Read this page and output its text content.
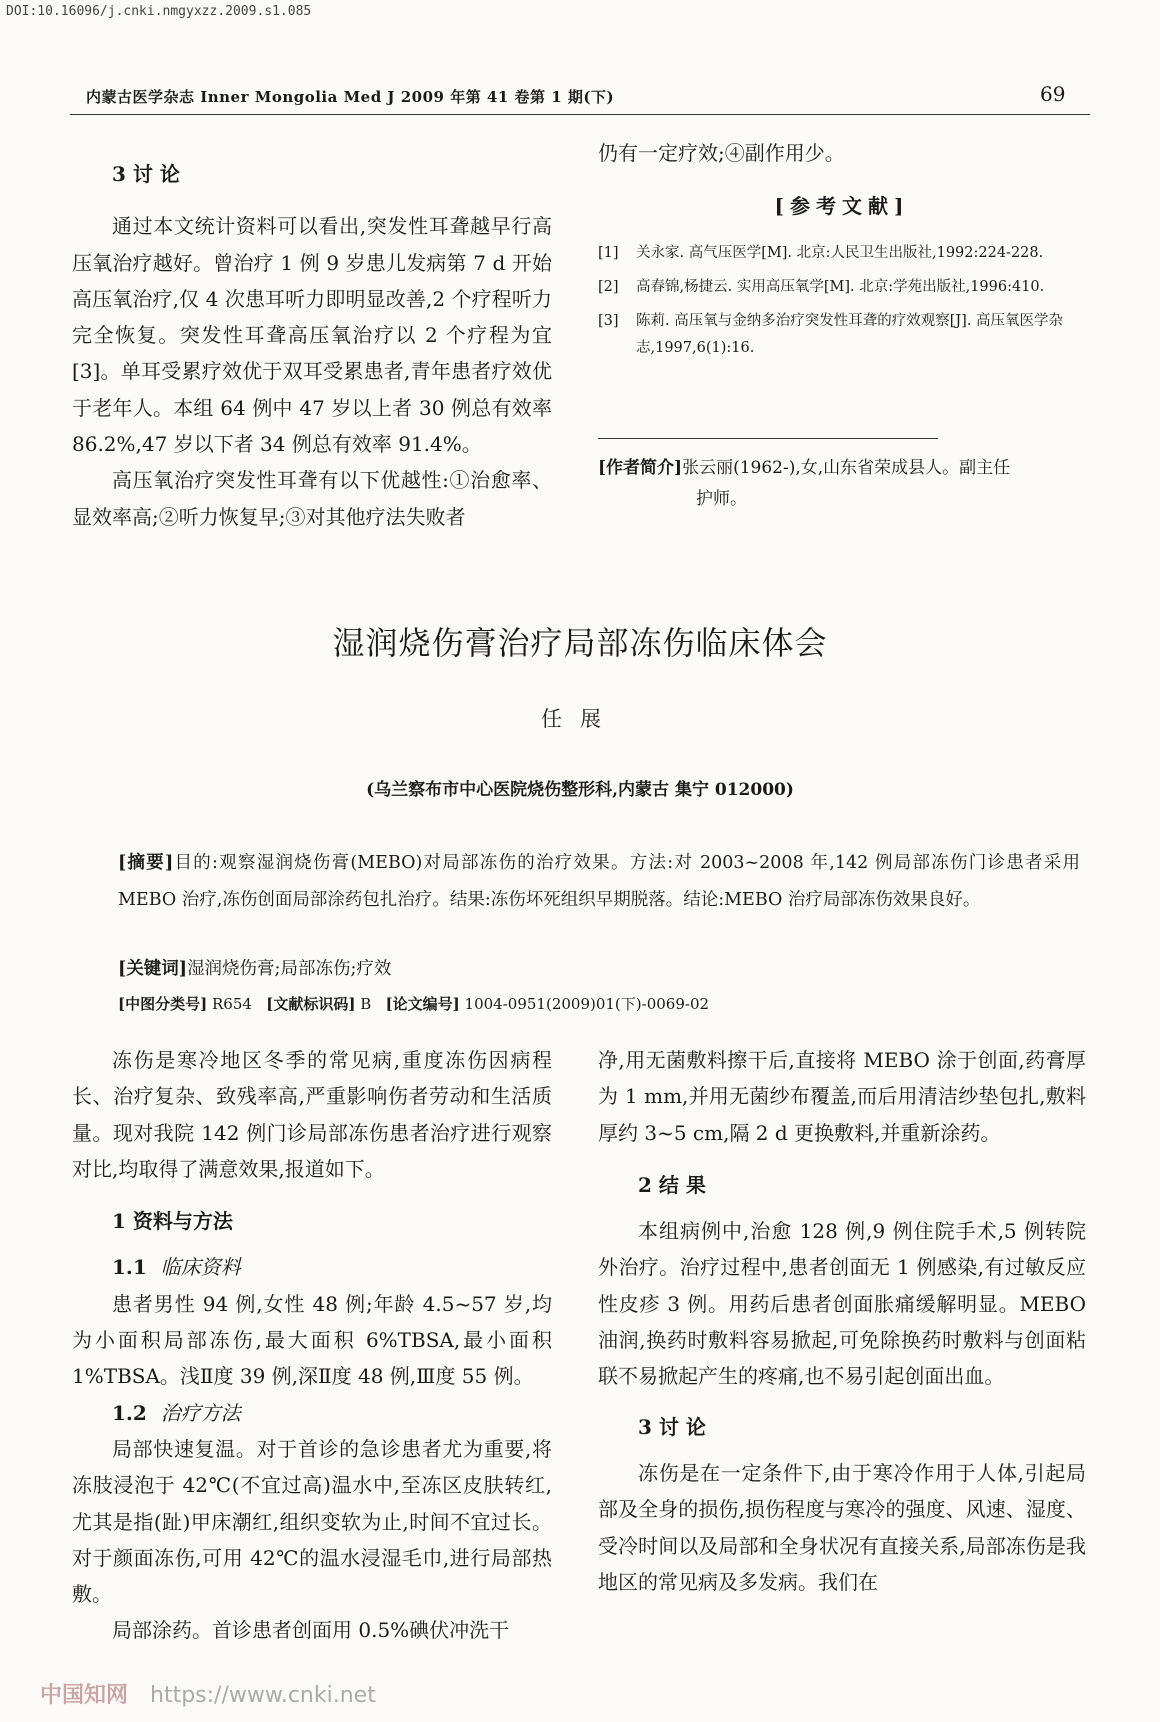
DOI:10.16096/j.cnki.nmgyxzz.2009.s1.085
内蒙古医学杂志 Inner Mongolia Med J 2009 年第 41 卷第 1 期(下)	69

3 讨 论

通过本文统计资料可以看出,突发性耳聋越早行高压氧治疗越好。曾治疗 1 例 9 岁患儿发病第 7 d 开始高压氧治疗,仅 4 次患耳听力即明显改善,2 个疗程听力完全恢复。突发性耳聋高压氧治疗以 2 个疗程为宜[3]。单耳受累疗效优于双耳受累患者,青年患者疗效优于老年人。本组 64 例中 47 岁以上者 30 例总有效率 86.2%,47 岁以下者 34 例总有效率 91.4%。

高压氧治疗突发性耳聋有以下优越性:①治愈率、显效率高;②听力恢复早;③对其他疗法失败者

仍有一定疗效;④副作用少。
[参考文献]
[1]	关永家. 高气压医学[M]. 北京:人民卫生出版社,1992:224-228.
[2]	高春锦,杨捷云. 实用高压氧学[M]. 北京:学苑出版社,1996:410.
[3]	陈莉. 高压氧与金纳多治疗突发性耳聋的疗效观察[J]. 高压氧医学杂志,1997,6(1):16.
[作者简介]张云丽(1962-),女,山东省荣成县人。副主任
护师。
湿润烧伤膏治疗局部冻伤临床体会
任展
(乌兰察布市中心医院烧伤整形科,内蒙古 集宁 012000)
[摘要]目的:观察湿润烧伤膏(MEBO)对局部冻伤的治疗效果。方法:对 2003~2008 年,142 例局部冻伤门诊患者采用 MEBO 治疗,冻伤创面局部涂药包扎治疗。结果:冻伤坏死组织早期脱落。结论:MEBO 治疗局部冻伤效果良好。
[关键词]湿润烧伤膏;局部冻伤;疗效
[中图分类号] R654 [文献标识码] B [论文编号] 1004-0951(2009)01(下)-0069-02

冻伤是寒冷地区冬季的常见病,重度冻伤因病程长、治疗复杂、致残率高,严重影响伤者劳动和生活质量。现对我院 142 例门诊局部冻伤患者治疗进行观察对比,均取得了满意效果,报道如下。

1 资料与方法

1.1 临床资料

患者男性 94 例,女性 48 例;年龄 4.5~57 岁,均为小面积局部冻伤,最大面积 6%TBSA,最小面积 1%TBSA。浅Ⅱ度 39 例,深Ⅱ度 48 例,Ⅲ度 55 例。

1.2 治疗方法

局部快速复温。对于首诊的急诊患者尤为重要,将冻肢浸泡于 42℃(不宜过高)温水中,至冻区皮肤转红,尤其是指(趾)甲床潮红,组织变软为止,时间不宜过长。对于颜面冻伤,可用 42℃的温水浸湿毛巾,进行局部热敷。

局部涂药。首诊患者创面用 0.5%碘伏冲洗干

净,用无菌敷料擦干后,直接将 MEBO 涂于创面,药膏厚为 1 mm,并用无菌纱布覆盖,而后用清洁纱垫包扎,敷料厚约 3~5 cm,隔 2 d 更换敷料,并重新涂药。

2 结 果

本组病例中,治愈 128 例,9 例住院手术,5 例转院外治疗。治疗过程中,患者创面无 1 例感染,有过敏反应性皮疹 3 例。用药后患者创面胀痛缓解明显。MEBO 油润,换药时敷料容易掀起,可免除换药时敷料与创面粘联不易掀起产生的疼痛,也不易引起创面出血。

3 讨 论

冻伤是在一定条件下,由于寒冷作用于人体,引起局部及全身的损伤,损伤程度与寒冷的强度、风速、湿度、受冷时间以及局部和全身状况有直接关系,局部冻伤是我地区的常见病及多发病。我们在

中国知网 https://www.cnki.net
